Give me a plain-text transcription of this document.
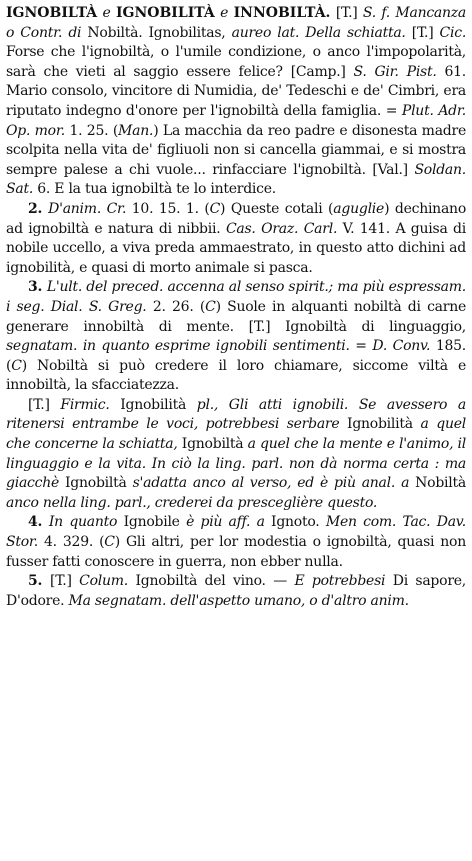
IGNOBILTÀ e IGNOBILITÀ e INNOBILTÀ. [T.] S. f. Mancanza o Contr. di Nobiltà. Ignobilitas, aureo lat. Della schiatta. [T.] Cic. Forse che l'ignobiltà, o l'umile condizione, o anco l'impopolarità, sarà che vieti al saggio essere felice? [Camp.] S. Gir. Pist. 61. Mario consolo, vincitore di Numidia, de' Tedeschi e de' Cimbri, era riputato indegno d'onore per l'ignobiltà della famiglia. = Plut. Adr. Op. mor. 1. 25. (Man.) La macchia da reo padre e disonesta madre scolpita nella vita de' figliuoli non si cancella giammai, e si mostra sempre palese a chi vuole... rinfacciare l'ignobiltà. [Val.] Soldan. Sat. 6. E la tua ignobiltà te lo interdice.

2. D'anim. Cr. 10. 15. 1. (C) Queste cotali (aguglie) dechinano ad ignobiltà e natura di nibbii. Cas. Oraz. Carl. V. 141. A guisa di nobile uccello, a viva preda ammaestrato, in questo atto dichini ad ignobilità, e quasi di morto animale si pasca.

3. L'ult. del preced. accenna al senso spirit.; ma più espressam. i seg. Dial. S. Greg. 2. 26. (C) Suole in alquanti nobiltà di carne generare innobiltà di mente. [T.] Ignobiltà di linguaggio, segnatam. in quanto esprime ignobili sentimenti. = D. Conv. 185. (C) Nobiltà si può credere il loro chiamare, siccome viltà e innobiltà, la sfacciatezza.

[T.] Firmic. Ignobilità pl., Gli atti ignobili. Se avessero a ritenersi entrambe le voci, potrebbesi serbare Ignobilità a quel che concerne la schiatta, Ignobiltà a quel che la mente e l'animo, il linguaggio e la vita. In ciò la ling. parl. non dà norma certa : ma giacchè Ignobiltà s'adatta anco al verso, ed è più anal. a Nobiltà anco nella ling. parl., crederei da presceglière questo.

4. In quanto Ignobile è più aff. a Ignoto. Men com. Tac. Dav. Stor. 4. 329. (C) Gli altri, per lor modestia o ignobiltà, quasi non fusser fatti conoscere in guerra, non ebber nulla.

5. [T.] Colum. Ignobiltà del vino. — E potrebbesi Di sapore, D'odore. Ma segnatam. dell'aspetto umano, o d'altro anim.
